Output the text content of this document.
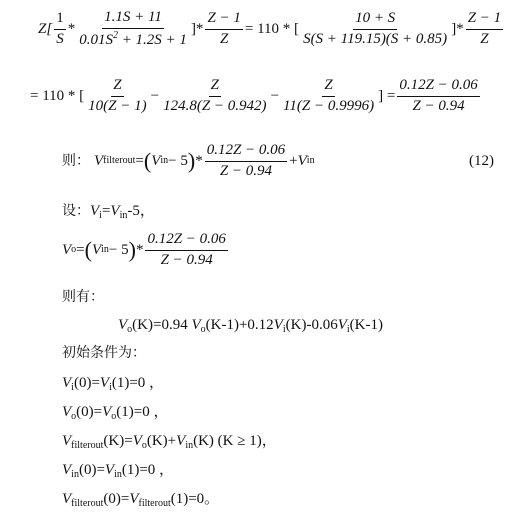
$Z[ \frac{1}{S} * \frac{1.1S + 11}{0.01S^2 + 1.2S + 1}$ ]* $\frac{Z - 1}{Z} = 110$ * [ $\frac{10 + S}{S(S + 119.15)(S + 0.85)}$ ]* $\frac{Z - 1}{Z}$
= 110 * [ $\frac{Z}{10(Z - 1)} - \frac{Z}{124.8(Z - 0.942)} - \frac{Z}{11(Z - 0.9996)}$ ] = $\frac{0.12Z - 0.06}{Z - 0.94}$
则： V filterout = ( V in − 5 ) * $\frac{0.12Z - 0.06}{Z - 0.94} + V$ in	(12)
设：$V_i=V_{in}-5$，
V o = ( V in − 5 ) * $\frac{0.12Z - 0.06}{Z - 0.94}$
则有：
$V_o(K)=0.94$ $V_o(K-1)+0.12V_i(K)-0.06V_i(K-1)$
初始条件为：
$V_i(0)=V_i(1)=0$ ，
$V_o(0)=V_o(1)=0$ ，
$V_{filterout}(K)=V_o(K)+V_{in}(K) (K \ge 1)$，
$V_{in}(0)=V_{in}(1)=0$ ，
$V_{filterout}(0)=V_{filterout}(1)=0$。
